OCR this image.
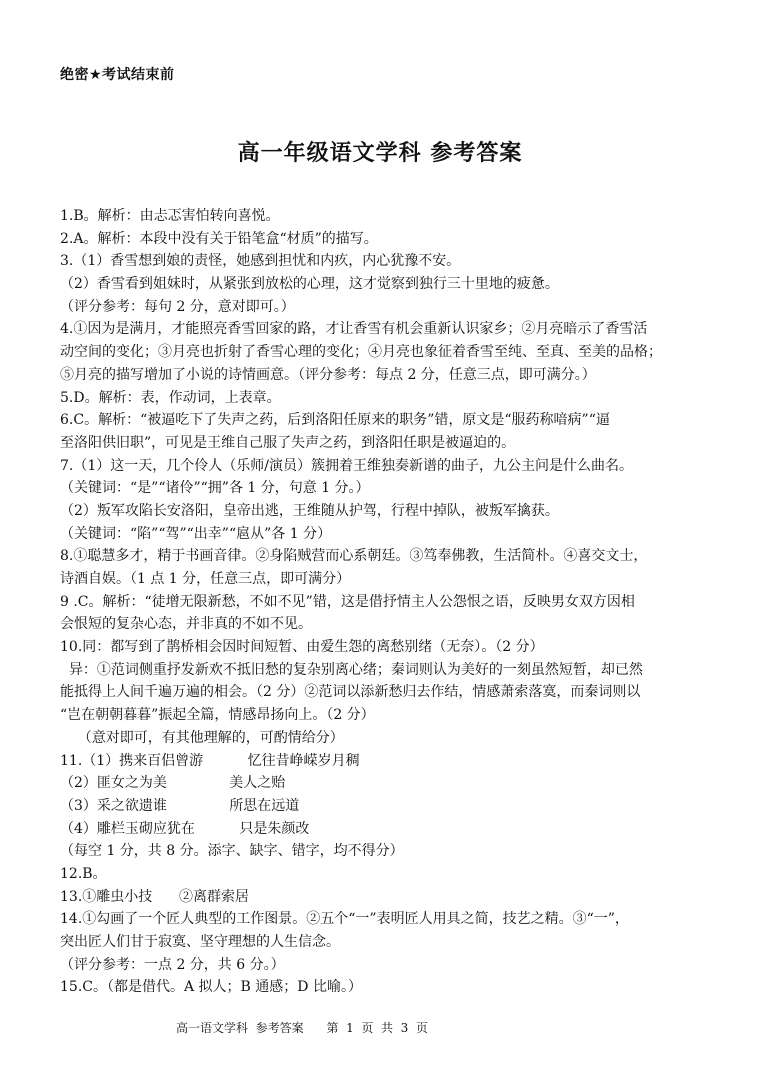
绝密★考试结束前
高一年级语文学科 参考答案
1.B。解析：由忐忑害怕转向喜悦。
2.A。解析：本段中没有关于铅笔盒“材质”的描写。
3.（1）香雪想到娘的责怪，她感到担忧和内疚，内心犹豫不安。
（2）香雪看到姐妹时，从紧张到放松的心理，这才觉察到独行三十里地的疲惫。
（评分参考：每句 2 分，意对即可。）
4.①因为是满月，才能照亮香雪回家的路，才让香雪有机会重新认识家乡；②月亮暗示了香雪活
动空间的变化；③月亮也折射了香雪心理的变化；④月亮也象征着香雪至纯、至真、至美的品格；
⑤月亮的描写增加了小说的诗情画意。（评分参考：每点 2 分，任意三点，即可满分。）
5.D。解析：表，作动词，上表章。
6.C。解析：“被逼吃下了失声之药，后到洛阳任原来的职务”错，原文是“服药称喑病”“逼
至洛阳供旧职”，可见是王维自己服了失声之药，到洛阳任职是被逼迫的。
7.（1）这一天，几个伶人（乐师/演员）簇拥着王维独奏新谱的曲子，九公主问是什么曲名。
（关键词：“是”“诸伶”“拥”各 1 分，句意 1 分。）
（2）叛军攻陷长安洛阳，皇帝出逃，王维随从护驾，行程中掉队，被叛军擒获。
（关键词：“陷”“驾”“出幸”“扈从”各 1 分）
8.①聪慧多才，精于书画音律。②身陷贼营而心系朝廷。③笃奉佛教，生活简朴。④喜交文士，
诗酒自娱。（1 点 1 分，任意三点，即可满分）
9 .C。解析：“徒增无限新愁，不如不见”错，这是借抒情主人公怨恨之语，反映男女双方因相
会恨短的复杂心态，并非真的不如不见。
10.同：都写到了鹊桥相会因时间短暂、由爱生怨的离愁别绪（无奈）。（2 分）
异：①范词侧重抒发新欢不抵旧愁的复杂别离心绪；秦词则认为美好的一刻虽然短暂，却已然
能抵得上人间千遍万遍的相会。（2 分）②范词以添新愁归去作结，情感萧索落寞，而秦词则以
“岂在朝朝暮暮”振起全篇，情感昂扬向上。（2 分）
（意对即可，有其他理解的，可酌情给分）
11.（1）携来百侣曾游          忆往昔峥嵘岁月稠
（2）匪女之为美              美人之贻
（3）采之欲遗谁              所思在远道
（4）雕栏玉砌应犹在          只是朱颜改
（每空 1 分，共 8 分。添字、缺字、错字，均不得分）
12.B。
13.①雕虫小技      ②离群索居
14.①勾画了一个匠人典型的工作图景。②五个“一”表明匠人用具之简，技艺之精。③“一”，
突出匠人们甘于寂寞、坚守理想的人生信念。
（评分参考：一点 2 分，共 6 分。）
15.C。（都是借代。A 拟人；B 通感；D 比喻。）
高一语文学科  参考答案      第  1  页  共  3  页
